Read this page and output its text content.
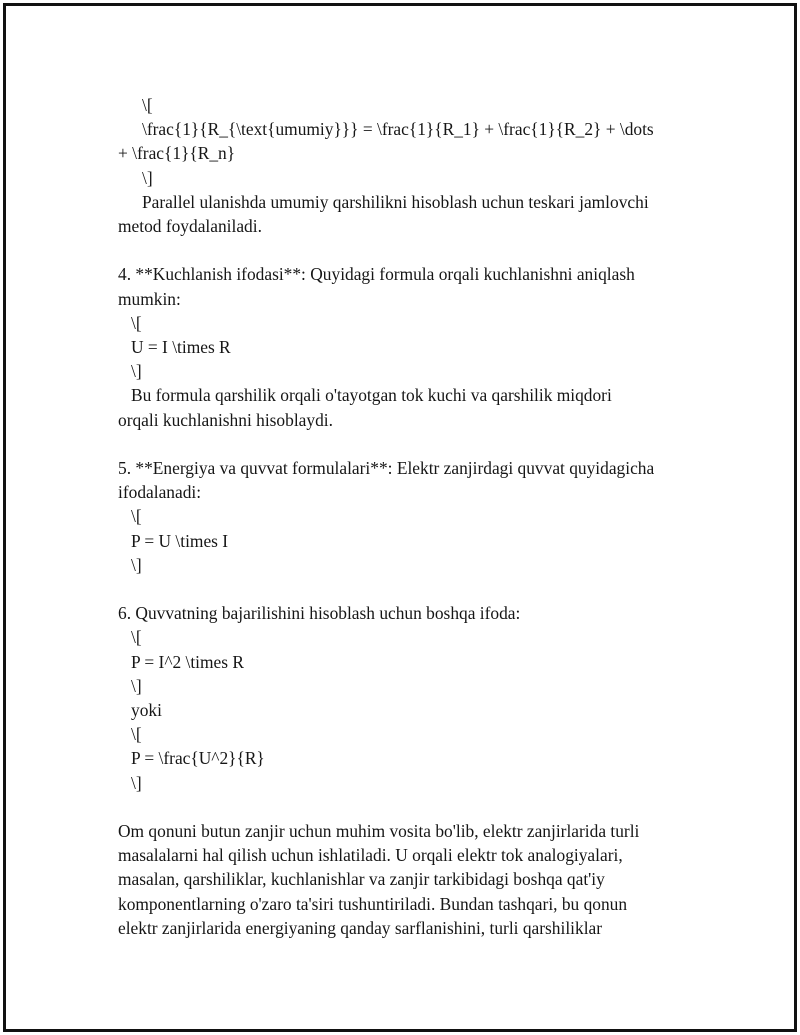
\[
\frac{1}{R_{\text{umumiy}}} = \frac{1}{R_1} + \frac{1}{R_2} + \dots
+ \frac{1}{R_n}
\]
Parallel ulanishda umumiy qarshilikni hisoblash uchun teskari jamlovchi
metod foydalaniladi.
4. **Kuchlanish ifodasi**: Quyidagi formula orqali kuchlanishni aniqlash
mumkin:
\[
U = I \times R
\]
Bu formula qarshilik orqali o'tayotgan tok kuchi va qarshilik miqdori
orqali kuchlanishni hisoblaydi.
5. **Energiya va quvvat formulalari**: Elektr zanjirdagi quvvat quyidagicha
ifodalanadi:
\[
P = U \times I
\]
6. Quvvatning bajarilishini hisoblash uchun boshqa ifoda:
\[
P = I^2 \times R
\]
yoki
\[
P = \frac{U^2}{R}
\]
Om qonuni butun zanjir uchun muhim vosita bo'lib, elektr zanjirlarida turli
masalalarni hal qilish uchun ishlatiladi. U orqali elektr tok analogiyalari,
masalan, qarshiliklar, kuchlanishlar va zanjir tarkibidagi boshqa qat'iy
komponentlarning o'zaro ta'siri tushuntiriladi. Bundan tashqari, bu qonun
elektr zanjirlarida energiyaning qanday sarflanishini, turli qarshiliklar
